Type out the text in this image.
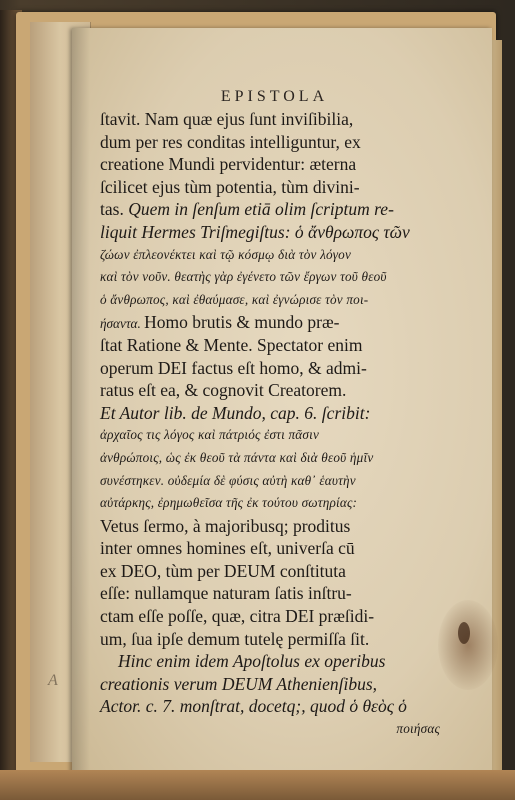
EPISTOLA
A
ſtavit. Nam quæ ejus ſunt inviſibilia,
dum per res conditas intelliguntur, ex
creatione Mundi pervidentur: æterna
ſcilicet ejus tùm potentia, tùm divini-
tas. Quem in ſenſum etiā olim ſcriptum re-
liquit Hermes Triſmegiſtus: ὁ ἄνθρωπος τῶν
ζώων ἐπλεονέκτει καὶ τῷ κόσμῳ διὰ τὸν λόγον
καὶ τὸν νοῦν. θεατὴς γὰρ ἐγένετο τῶν ἔργων τοῦ θεοῦ
ὁ ἄνθρωπος, καὶ ἐθαύμασε, καὶ ἐγνώρισε τὸν ποι-
ήσαντα. Homo brutis & mundo præ-
ſtat Ratione & Mente. Spectator enim
operum DEI factus eſt homo, & admi-
ratus eſt ea, & cognovit Creatorem.
Et Autor lib. de Mundo, cap. 6. ſcribit:
ἀρχαῖος τις λόγος καὶ πάτριός ἐστι πᾶσιν
ἀνθρώποις, ὡς ἐκ θεοῦ τὰ πάντα καὶ διὰ θεοῦ ἡμῖν
συνέστηκεν. οὐδεμία δὲ φύσις αὐτὴ καθ᾿ ἑαυτὴν
αὐτάρκης, ἐρημωθεῖσα τῆς ἐκ τούτου σωτηρίας:
Vetus ſermo, à majoribusq; proditus
inter omnes homines eſt, univerſa cū
ex DEO, tùm per DEUM conſtituta
eſſe: nullamque naturam ſatis inſtru-
ctam eſſe poſſe, quæ, citra DEI præſidi-
um, ſua ipſe demum tutelę permiſſa ſit.
Hinc enim idem Apoſtolus ex operibus
creationis verum DEUM Athenienſibus,
Actor. c. 7. monſtrat, docetq;, quod ὁ θεὸς ὁ
ποιήσας
